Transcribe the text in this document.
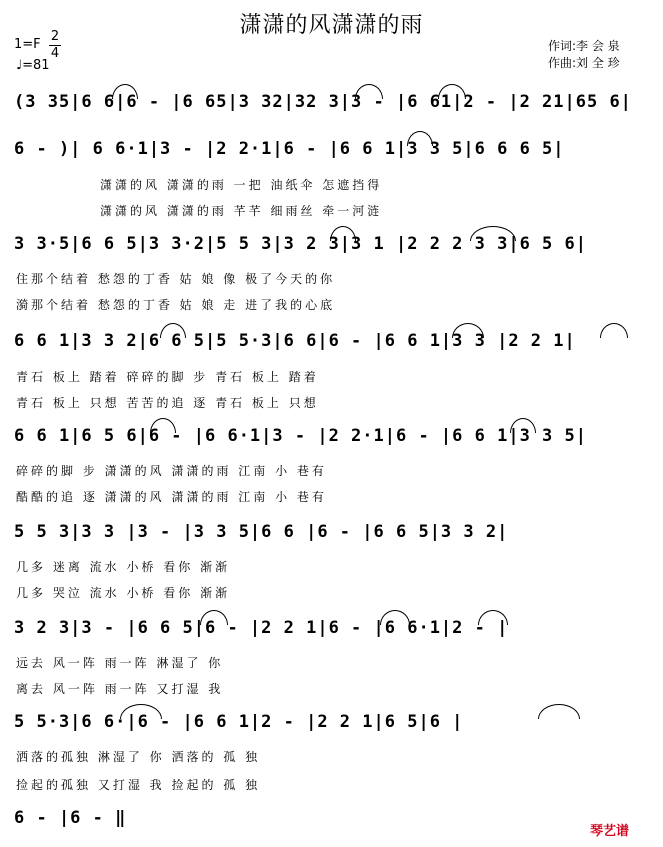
潇潇的风潇潇的雨
1=F
2
4
♩=81
作词:李 会 泉
作曲:刘 全 珍
(3 35|6 6|6 - |6 65|3 32|32 3|3 - |6 61|2 - |2 21|65 6|
6 - )| 6 6·1|3 - |2 2·1|6 - |6 6 1|3 3 5|6 6 6 5|
潇潇的风 潇潇的雨 一把 油纸伞 怎遮挡得
潇潇的风 潇潇的雨 芊芊 细雨丝 牵一河涟
3 3·5|6 6 5|3 3·2|5 5 3|3 2 3|3 1 |2 2 2 3 3|6 5 6|
住那个结着 愁怨的丁香 姑 娘 像 极了今天的你
漪那个结着 愁怨的丁香 姑 娘 走 进了我的心底
6 6 1|3 3 2|6 6 5|5 5·3|6 6|6 - |6 6 1|3 3 |2 2 1|
青石 板上 踏着 碎碎的脚 步 青石 板上 踏着
青石 板上 只想 苦苦的追 逐 青石 板上 只想
6 6 1|6 5 6|6 - |6 6·1|3 - |2 2·1|6 - |6 6 1|3 3 5|
碎碎的脚 步 潇潇的风 潇潇的雨 江南 小 巷有
酷酷的追 逐 潇潇的风 潇潇的雨 江南 小 巷有
5 5 3|3 3 |3 - |3 3 5|6 6 |6 - |6 6 5|3 3 2|
几多 迷离 流水 小桥 看你 渐渐
几多 哭泣 流水 小桥 看你 渐渐
3 2 3|3 - |6 6 5|6 - |2 2 1|6 - |6 6·1|2 - |
远去 风一阵 雨一阵 淋湿了 你
离去 风一阵 雨一阵 又打湿 我
5 5·3|6 6·|6 - |6 6 1|2 - |2 2 1|6 5|6 |
洒落的孤独 淋湿了 你 洒落的 孤 独
捡起的孤独 又打湿 我 捡起的 孤 独
6 - |6 - ‖
琴艺谱
